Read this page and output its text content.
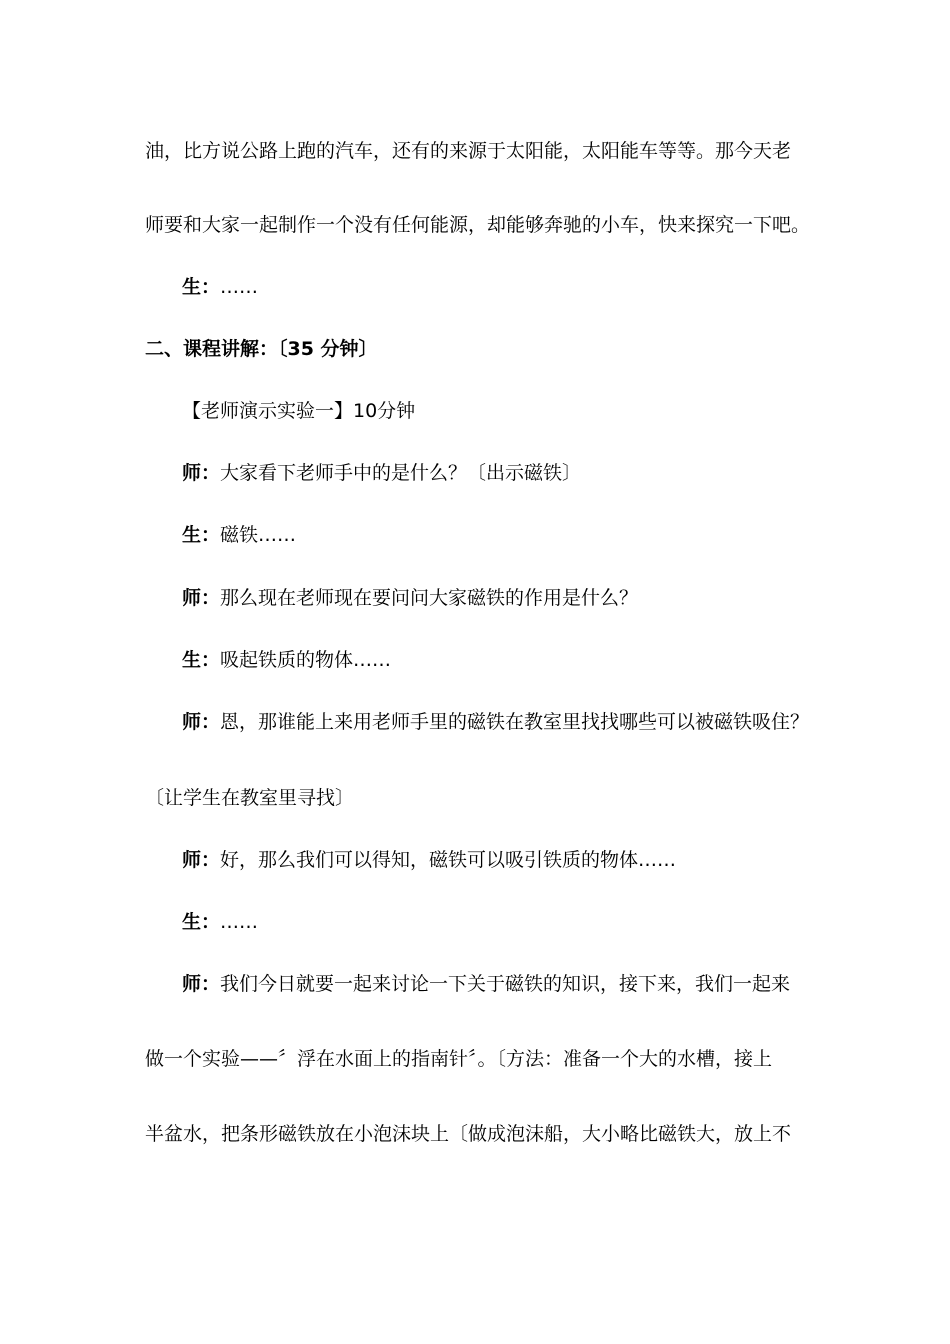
油，比方说公路上跑的汽车，还有的来源于太阳能，太阳能车等等。那今天老
师要和大家一起制作一个没有任何能源，却能够奔驰的小车，快来探究一下吧。
生：……
二、课程讲解：〔35 分钟〕
【老师演示实验一】10分钟
师：大家看下老师手中的是什么？〔出示磁铁〕
生：磁铁……
师：那么现在老师现在要问问大家磁铁的作用是什么？
生：吸起铁质的物体……
师：恩，那谁能上来用老师手里的磁铁在教室里找找哪些可以被磁铁吸住？
〔让学生在教室里寻找〕
师：好，那么我们可以得知，磁铁可以吸引铁质的物体……
生：……
师：我们今日就要一起来讨论一下关于磁铁的知识，接下来，我们一起来
做一个实验——〞浮在水面上的指南针〞。〔方法：准备一个大的水槽，接上
半盆水，把条形磁铁放在小泡沫块上〔做成泡沫船，大小略比磁铁大，放上不
